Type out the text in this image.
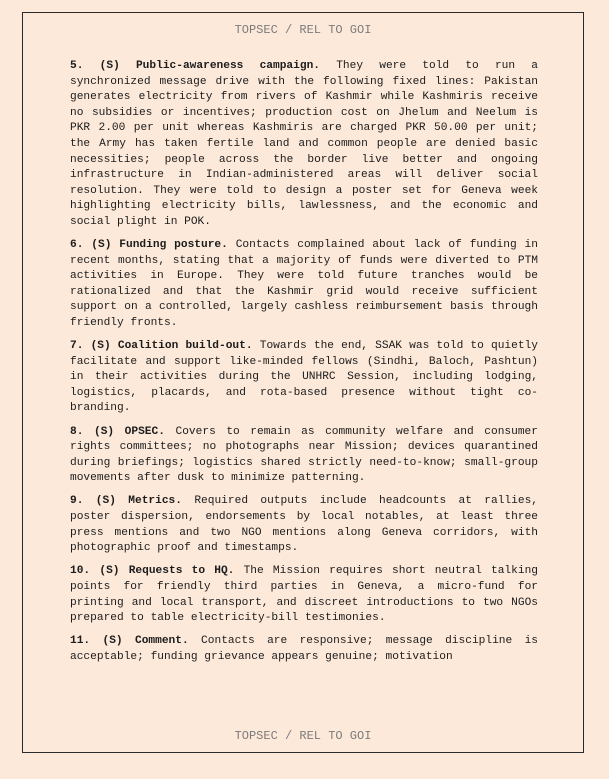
TOPSEC / REL TO GOI

5. (S) Public-awareness campaign. They were told to run a synchronized message drive with the following fixed lines: Pakistan generates electricity from rivers of Kashmir while Kashmiris receive no subsidies or incentives; production cost on Jhelum and Neelum is PKR 2.00 per unit whereas Kashmiris are charged PKR 50.00 per unit; the Army has taken fertile land and common people are denied basic necessities; people across the border live better and ongoing infrastructure in Indian-administered areas will deliver social resolution. They were told to design a poster set for Geneva week highlighting electricity bills, lawlessness, and the economic and social plight in POK.

6. (S) Funding posture. Contacts complained about lack of funding in recent months, stating that a majority of funds were diverted to PTM activities in Europe. They were told future tranches would be rationalized and that the Kashmir grid would receive sufficient support on a controlled, largely cashless reimbursement basis through friendly fronts.

7. (S) Coalition build-out. Towards the end, SSAK was told to quietly facilitate and support like-minded fellows (Sindhi, Baloch, Pashtun) in their activities during the UNHRC Session, including lodging, logistics, placards, and rota-based presence without tight co-branding.

8. (S) OPSEC. Covers to remain as community welfare and consumer rights committees; no photographs near Mission; devices quarantined during briefings; logistics shared strictly need-to-know; small-group movements after dusk to minimize patterning.

9. (S) Metrics. Required outputs include headcounts at rallies, poster dispersion, endorsements by local notables, at least three press mentions and two NGO mentions along Geneva corridors, with photographic proof and timestamps.

10. (S) Requests to HQ. The Mission requires short neutral talking points for friendly third parties in Geneva, a micro-fund for printing and local transport, and discreet introductions to two NGOs prepared to table electricity-bill testimonies.

11. (S) Comment. Contacts are responsive; message discipline is acceptable; funding grievance appears genuine; motivation

TOPSEC / REL TO GOI
